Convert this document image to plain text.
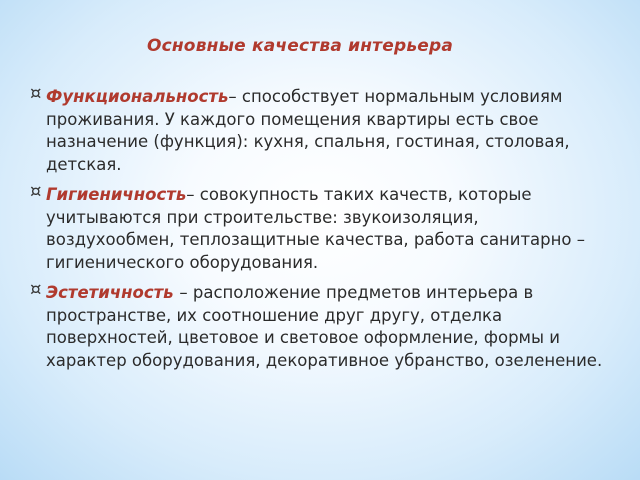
Основные качества интерьера
¤ Функциональность– способствует нормальным условиям проживания. У каждого помещения квартиры есть свое назначение (функция): кухня, спальня, гостиная, столовая, детская.
¤ Гигиеничность– совокупность таких качеств, которые учитываются при строительстве: звукоизоляция, воздухообмен, теплозащитные качества, работа санитарно – гигиенического оборудования.
¤ Эстетичность – расположение предметов интерьера в пространстве, их соотношение друг другу, отделка поверхностей, цветовое и световое оформление, формы и характер оборудования, декоративное убранство, озеленение.
